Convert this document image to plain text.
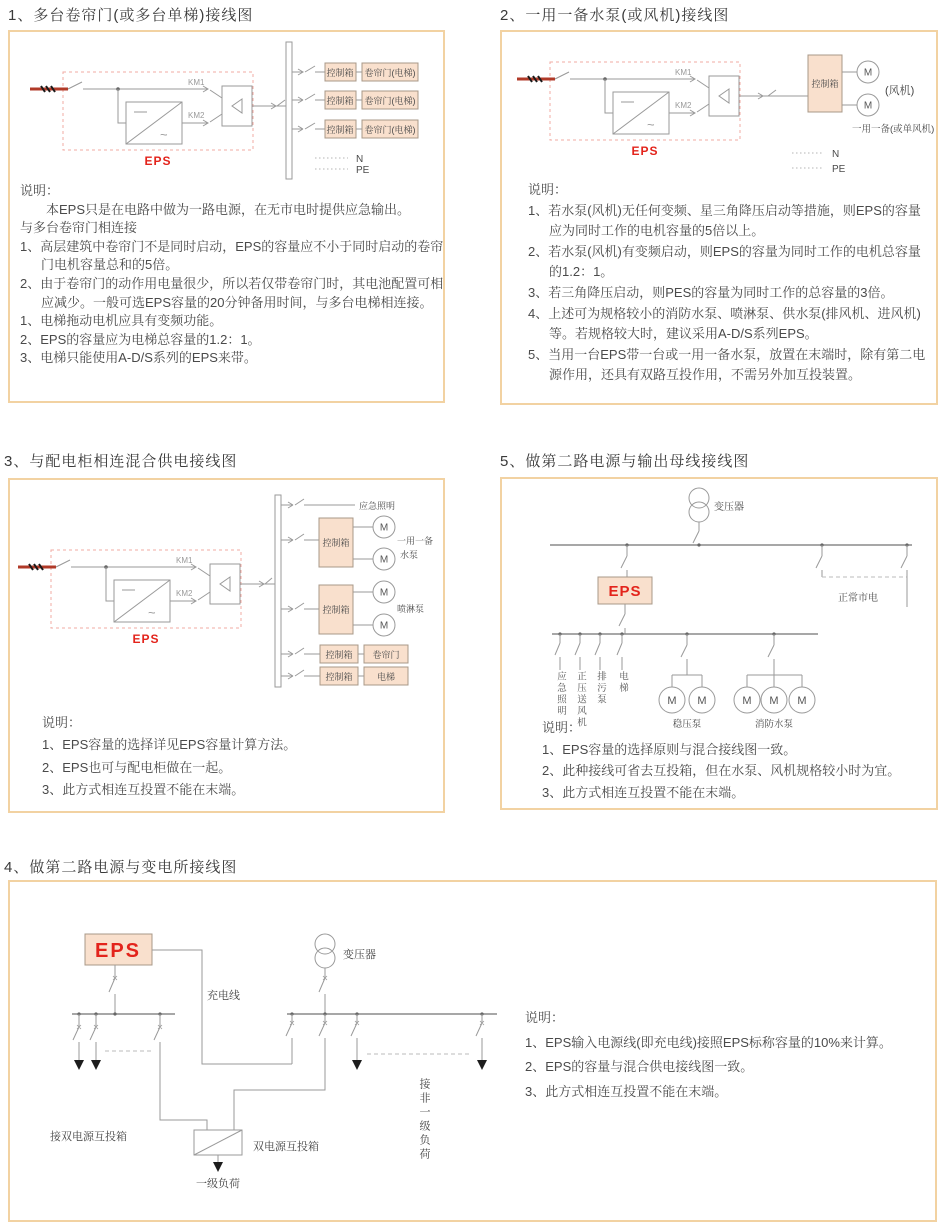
1、多台卷帘门(或多台单梯)接线图	2、一用一备水泵(或风机)接线图
3、与配电柜相连混合供电接线图	5、做第二路电源与输出母线接线图
4、做第二路电源与变电所接线图
~
KM1
KM2
EPS
控制箱 卷帘门(电梯)
控制箱 卷帘门(电梯)
控制箱 卷帘门(电梯)
N
PE
说明：
本EPS只是在电路中做为一路电源，在无市电时提供应急输出。
与多台卷帘门相连接
1、高层建筑中卷帘门不是同时启动，EPS的容量应不小于同时启动的卷帘门电机容量总和的5倍。
2、由于卷帘门的动作用电量很少，所以若仅带卷帘门时，其电池配置可相应减少。一般可选EPS容量的20分钟备用时间，与多台电梯相连接。
1、电梯拖动电机应具有变频功能。
2、EPS的容量应为电梯总容量的1.2：1。
3、电梯只能使用A-D/S系列的EPS来带。
~
KM1
KM2
EPS
控制箱
M
M
(风机)
一用一备(或单风机)
N
PE
说明：
1、若水泵(风机)无任何变频、星三角降压启动等措施，则EPS的容量应为同时工作的电机容量的5倍以上。
2、若水泵(风机)有变频启动，则EPS的容量为同时工作的电机总容量的1.2：1。
3、若三角降压启动，则PES的容量为同时工作的总容量的3倍。
4、上述可为规格较小的消防水泵、喷淋泵、供水泵(排风机、进风机)等。若规格较大时，建议采用A-D/S系列EPS。
5、当用一台EPS带一台或一用一备水泵，放置在末端时，除有第二电源作用，还具有双路互投作用，不需另外加互投装置。
~
KM1
KM2
EPS
应急照明
控制箱
M
M
一用一备
水泵
控制箱
M
M
喷淋泵
控制箱 卷帘门
控制箱	电梯
说明：
1、EPS容量的选择详见EPS容量计算方法。
2、EPS也可与配电柜做在一起。
3、此方式相连互投置不能在末端。
变压器
EPS	正常市电
M M	M M M
稳压泵	消防水泵
应急照明 正压送风机 排污泵 电梯
说明：
1、EPS容量的选择原则与混合接线图一致。
2、此种接线可省去互投箱，但在水泵、风机规格较小时为宜。
3、此方式相连互投置不能在末端。
EPS	变压器
充电线
接双电源互投箱
双电源互投箱
一级负荷
接非一级负荷
说明：
1、EPS输入电源线(即充电线)接照EPS标称容量的10%来计算。
2、EPS的容量与混合供电接线图一致。
3、此方式相连互投置不能在末端。
